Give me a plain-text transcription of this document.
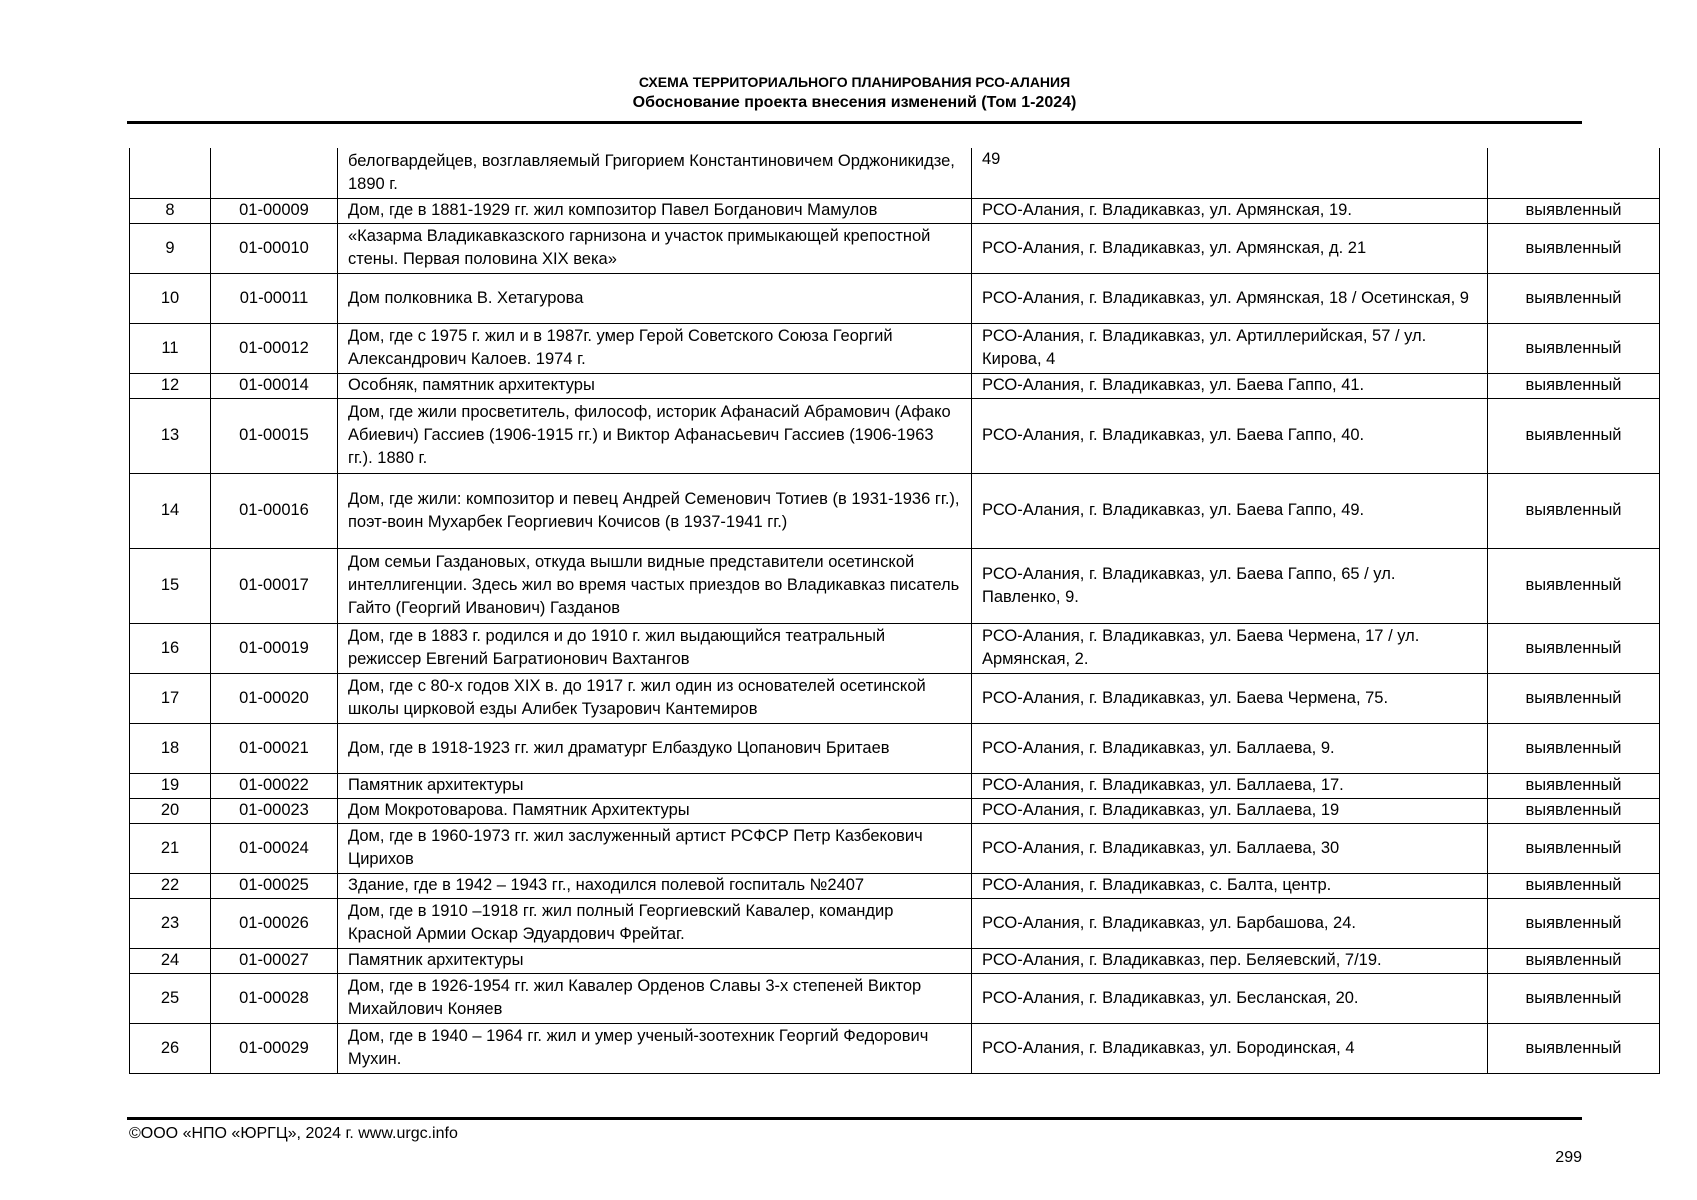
СХЕМА ТЕРРИТОРИАЛЬНОГО ПЛАНИРОВАНИЯ РСО-АЛАНИЯ
Обоснование проекта внесения изменений (Том 1-2024)
		белогвардейцев, возглавляемый Григорием Константиновичем Орджоникидзе, 1890 г.	49	
8	01-00009	Дом, где в 1881-1929 гг. жил композитор Павел Богданович Мамулов	РСО-Алания, г. Владикавказ, ул. Армянская, 19.	выявленный
9	01-00010	«Казарма Владикавказского гарнизона и участок примыкающей крепостной стены. Первая половина XIX века»	РСО-Алания, г. Владикавказ, ул. Армянская, д. 21	выявленный
10	01-00011	Дом полковника В. Хетагурова	РСО-Алания, г. Владикавказ, ул. Армянская, 18 / Осетинская, 9	выявленный
11	01-00012	Дом, где с 1975 г. жил и в 1987г. умер Герой Советского Союза Георгий Александрович Калоев. 1974 г.	РСО-Алания, г. Владикавказ, ул. Артиллерийская, 57 / ул. Кирова, 4	выявленный
12	01-00014	Особняк, памятник архитектуры	РСО-Алания, г. Владикавказ, ул. Баева Гаппо, 41.	выявленный
13	01-00015	Дом, где жили просветитель, философ, историк Афанасий Абрамович (Афако Абиевич) Гассиев (1906-1915 гг.) и Виктор Афанасьевич Гассиев (1906-1963 гг.). 1880 г.	РСО-Алания, г. Владикавказ, ул. Баева Гаппо, 40.	выявленный
14	01-00016	Дом, где жили: композитор и певец Андрей Семенович Тотиев (в 1931-1936 гг.), поэт-воин Мухарбек Георгиевич Кочисов (в 1937-1941 гг.)	РСО-Алания, г. Владикавказ, ул. Баева Гаппо, 49.	выявленный
15	01-00017	Дом семьи Газдановых, откуда вышли видные представители осетинской интеллигенции. Здесь жил во время частых приездов во Владикавказ писатель Гайто (Георгий Иванович) Газданов	РСО-Алания, г. Владикавказ, ул. Баева Гаппо, 65 / ул. Павленко, 9.	выявленный
16	01-00019	Дом, где в 1883 г. родился и до 1910 г. жил выдающийся театральный режиссер Евгений Багратионович Вахтангов	РСО-Алания, г. Владикавказ, ул. Баева Чермена, 17 / ул. Армянская, 2.	выявленный
17	01-00020	Дом, где с 80-х годов XIX в. до 1917 г. жил один из основателей осетинской школы цирковой езды Алибек Тузарович Кантемиров	РСО-Алания, г. Владикавказ, ул. Баева Чермена, 75.	выявленный
18	01-00021	Дом, где в 1918-1923 гг. жил драматург Елбаздуко Цопанович Бритаев	РСО-Алания, г. Владикавказ, ул. Баллаева, 9.	выявленный
19	01-00022	Памятник архитектуры	РСО-Алания, г. Владикавказ, ул. Баллаева, 17.	выявленный
20	01-00023	Дом Мокротоварова. Памятник Архитектуры	РСО-Алания, г. Владикавказ, ул. Баллаева, 19	выявленный
21	01-00024	Дом, где в 1960-1973 гг. жил заслуженный артист РСФСР Петр Казбекович Цирихов	РСО-Алания, г. Владикавказ, ул. Баллаева, 30	выявленный
22	01-00025	Здание, где в 1942 – 1943 гг., находился полевой госпиталь №2407	РСО-Алания, г. Владикавказ, с. Балта, центр.	выявленный
23	01-00026	Дом, где в 1910 –1918 гг. жил полный Георгиевский Кавалер, командир Красной Армии Оскар Эдуардович Фрейтаг.	РСО-Алания, г. Владикавказ, ул. Барбашова, 24.	выявленный
24	01-00027	Памятник архитектуры	РСО-Алания, г. Владикавказ, пер. Беляевский, 7/19.	выявленный
25	01-00028	Дом, где в 1926-1954 гг. жил Кавалер Орденов Славы 3-х степеней Виктор Михайлович Коняев	РСО-Алания, г. Владикавказ, ул. Бесланская, 20.	выявленный
26	01-00029	Дом, где в 1940 – 1964 гг. жил и умер ученый-зоотехник Георгий Федорович Мухин.	РСО-Алания, г. Владикавказ, ул. Бородинская, 4	выявленный
©ООО «НПО «ЮРГЦ», 2024 г. www.urgc.info
299
